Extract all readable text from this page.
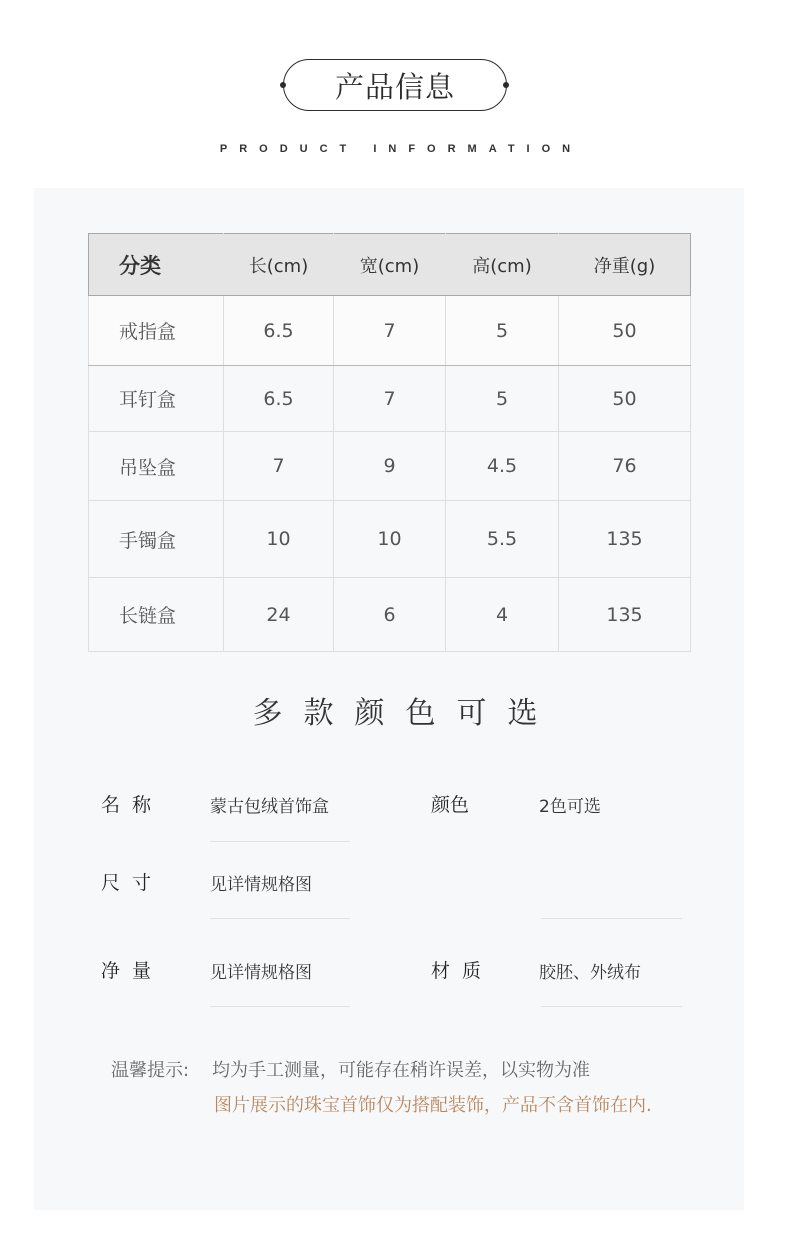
产品信息
PRODUCT INFORMATION
分类	长(cm)	宽(cm)	高(cm)	净重(g)
戒指盒	6.5	7	5	50
耳钉盒	6.5	7	5	50
吊坠盒	7	9	4.5	76
手镯盒	10	10	5.5	135
长链盒	24	6	4	135
多款颜色可选
名称	蒙古包绒首饰盒	颜色	2色可选
尺寸	见详情规格图
净量	见详情规格图	材质	胶胚、外绒布
温馨提示: 均为手工测量，可能存在稍许误差，以实物为准
图片展示的珠宝首饰仅为搭配装饰，产品不含首饰在内.
